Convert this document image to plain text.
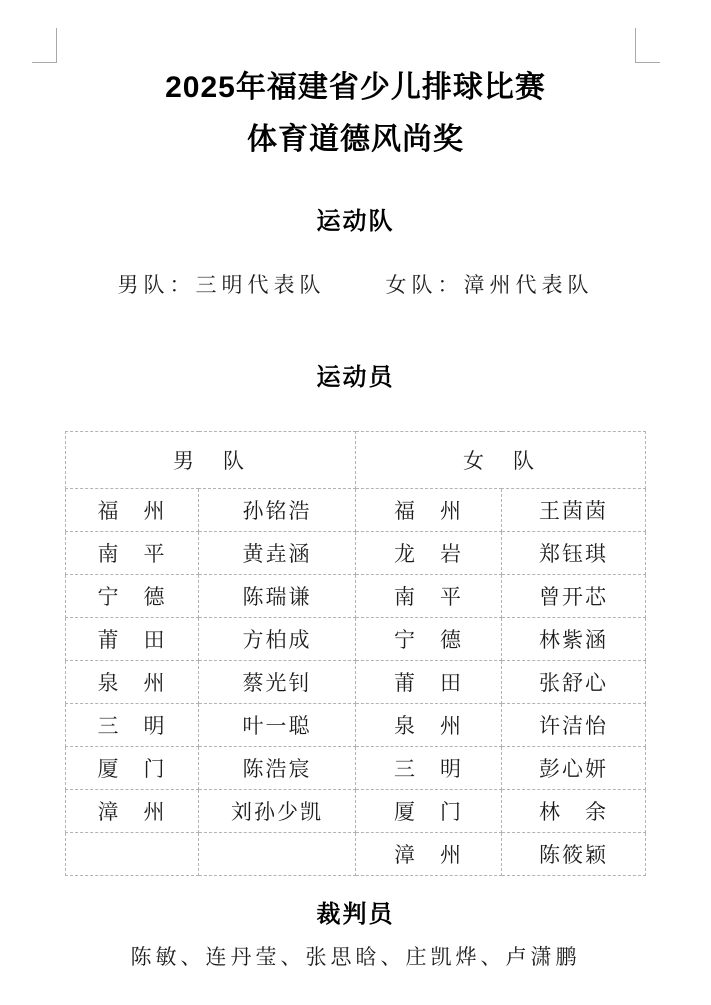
2025年福建省少儿排球比赛
体育道德风尚奖
运动队
男队：三明代表队	女队：漳州代表队
运动员
男　队		女　队	
福　州	孙铭浩	福　州	王茵茵
南　平	黄垚涵	龙　岩	郑钰琪
宁　德	陈瑞谦	南　平	曾开芯
莆　田	方柏成	宁　德	林紫涵
泉　州	蔡光钊	莆　田	张舒心
三　明	叶一聪	泉　州	许洁怡
厦　门	陈浩宸	三　明	彭心妍
漳　州	刘孙少凯	厦　门	林　余
		漳　州	陈筱颖
裁判员
陈敏、连丹莹、张思晗、庄凯烨、卢潇鹏
